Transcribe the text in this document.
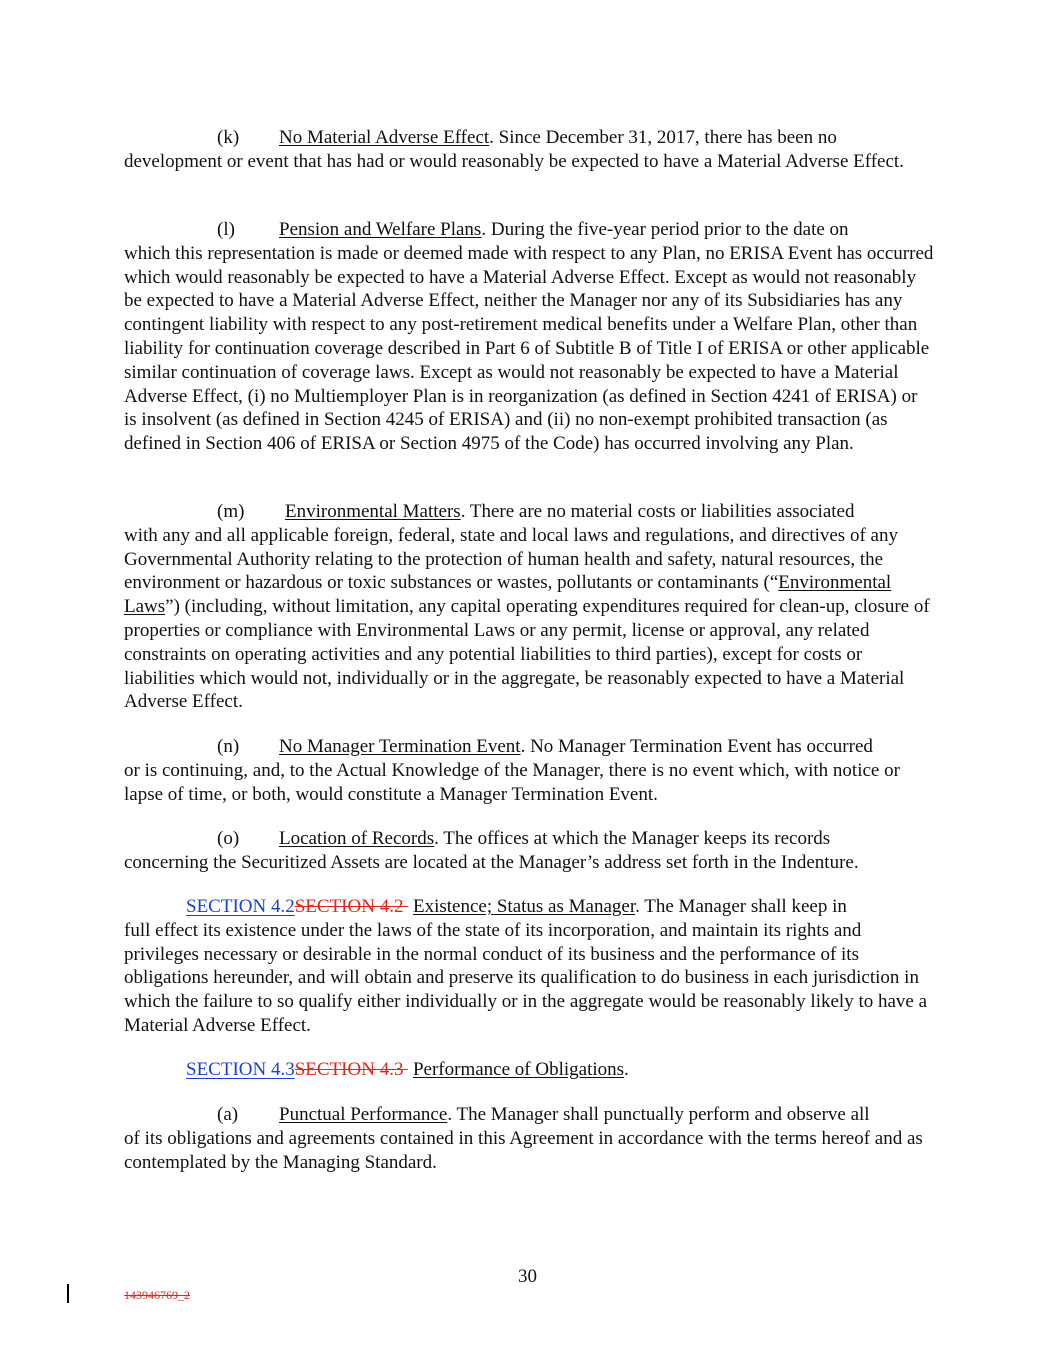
(k) No Material Adverse Effect. Since December 31, 2017, there has been no
development or event that has had or would reasonably be expected to have a Material Adverse Effect.

(l) Pension and Welfare Plans. During the five-year period prior to the date on
which this representation is made or deemed made with respect to any Plan, no ERISA Event has occurred which would reasonably be expected to have a Material Adverse Effect. Except as would not reasonably be expected to have a Material Adverse Effect, neither the Manager nor any of its Subsidiaries has any contingent liability with respect to any post-retirement medical benefits under a Welfare Plan, other than liability for continuation coverage described in Part 6 of Subtitle B of Title I of ERISA or other applicable similar continuation of coverage laws. Except as would not reasonably be expected to have a Material Adverse Effect, (i) no Multiemployer Plan is in reorganization (as defined in Section 4241 of ERISA) or is insolvent (as defined in Section 4245 of ERISA) and (ii) no non-exempt prohibited transaction (as defined in Section 406 of ERISA or Section 4975 of the Code) has occurred involving any Plan.

(m) Environmental Matters. There are no material costs or liabilities associated
with any and all applicable foreign, federal, state and local laws and regulations, and directives of any Governmental Authority relating to the protection of human health and safety, natural resources, the environment or hazardous or toxic substances or wastes, pollutants or contaminants (“Environmental Laws”) (including, without limitation, any capital operating expenditures required for clean-up, closure of properties or compliance with Environmental Laws or any permit, license or approval, any related constraints on operating activities and any potential liabilities to third parties), except for costs or liabilities which would not, individually or in the aggregate, be reasonably expected to have a Material Adverse Effect.

(n) No Manager Termination Event. No Manager Termination Event has occurred
or is continuing, and, to the Actual Knowledge of the Manager, there is no event which, with notice or lapse of time, or both, would constitute a Manager Termination Event.

(o) Location of Records. The offices at which the Manager keeps its records
concerning the Securitized Assets are located at the Manager’s address set forth in the Indenture.

SECTION 4.2SECTION 4.2  Existence; Status as Manager. The Manager shall keep in
full effect its existence under the laws of the state of its incorporation, and maintain its rights and privileges necessary or desirable in the normal conduct of its business and the performance of its obligations hereunder, and will obtain and preserve its qualification to do business in each jurisdiction in which the failure to so qualify either individually or in the aggregate would be reasonably likely to have a Material Adverse Effect.

SECTION 4.3SECTION 4.3  Performance of Obligations.

(a) Punctual Performance. The Manager shall punctually perform and observe all
of its obligations and agreements contained in this Agreement in accordance with the terms hereof and as contemplated by the Managing Standard.

30
143946769_2
